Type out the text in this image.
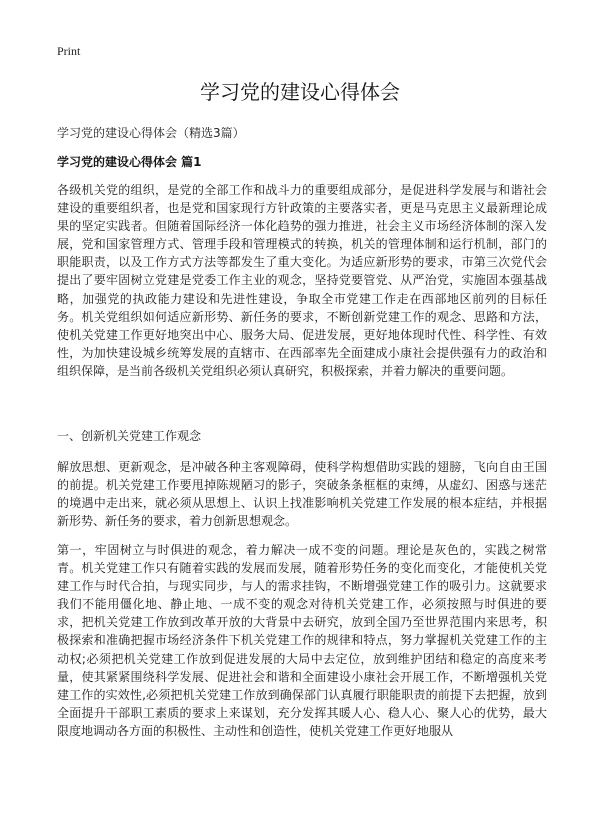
Print
学习党的建设心得体会
学习党的建设心得体会（精选3篇）
学习党的建设心得体会 篇1

各级机关党的组织，是党的全部工作和战斗力的重要组成部分，是促进科学发展与和谐社会建设的重要组织者，也是党和国家现行方针政策的主要落实者，更是马克思主义最新理论成果的坚定实践者。但随着国际经济一体化趋势的强力推进，社会主义市场经济体制的深入发展，党和国家管理方式、管理手段和管理模式的转换，机关的管理体制和运行机制，部门的职能职责，以及工作方式方法等都发生了重大变化。为适应新形势的要求，市第三次党代会提出了要牢固树立党建是党委工作主业的观念，坚持党要管党、从严治党，实施固本强基战略，加强党的执政能力建设和先进性建设，争取全市党建工作走在西部地区前列的目标任务。机关党组织如何适应新形势、新任务的要求，不断创新党建工作的观念、思路和方法，使机关党建工作更好地突出中心、服务大局、促进发展，更好地体现时代性、科学性、有效性，为加快建设城乡统筹发展的直辖市、在西部率先全面建成小康社会提供强有力的政治和组织保障，是当前各级机关党组织必须认真研究，积极探索，并着力解决的重要问题。

一、创新机关党建工作观念

解放思想、更新观念，是冲破各种主客观障碍，使科学构想借助实践的翅膀，飞向自由王国的前提。机关党建工作要甩掉陈规陋习的影子，突破条条框框的束缚，从虚幻、困惑与迷茫的境遇中走出来，就必须从思想上、认识上找准影响机关党建工作发展的根本症结，并根据新形势、新任务的要求，着力创新思想观念。

第一，牢固树立与时俱进的观念，着力解决一成不变的问题。理论是灰色的，实践之树常青。机关党建工作只有随着实践的发展而发展，随着形势任务的变化而变化，才能使机关党建工作与时代合拍，与现实同步，与人的需求挂钩，不断增强党建工作的吸引力。这就要求我们不能用僵化地、静止地、一成不变的观念对待机关党建工作，必须按照与时俱进的要求，把机关党建工作放到改革开放的大背景中去研究，放到全国乃至世界范围内来思考，积极探索和准确把握市场经济条件下机关党建工作的规律和特点，努力掌握机关党建工作的主动权;必须把机关党建工作放到促进发展的大局中去定位，放到维护团结和稳定的高度来考量，使其紧紧围绕科学发展、促进社会和谐和全面建设小康社会开展工作，不断增强机关党建工作的实效性,必须把机关党建工作放到确保部门认真履行职能职责的前提下去把握，放到全面提升干部职工素质的要求上来谋划，充分发挥其暖人心、稳人心、聚人心的优势，最大限度地调动各方面的积极性、主动性和创造性，使机关党建工作更好地服从
